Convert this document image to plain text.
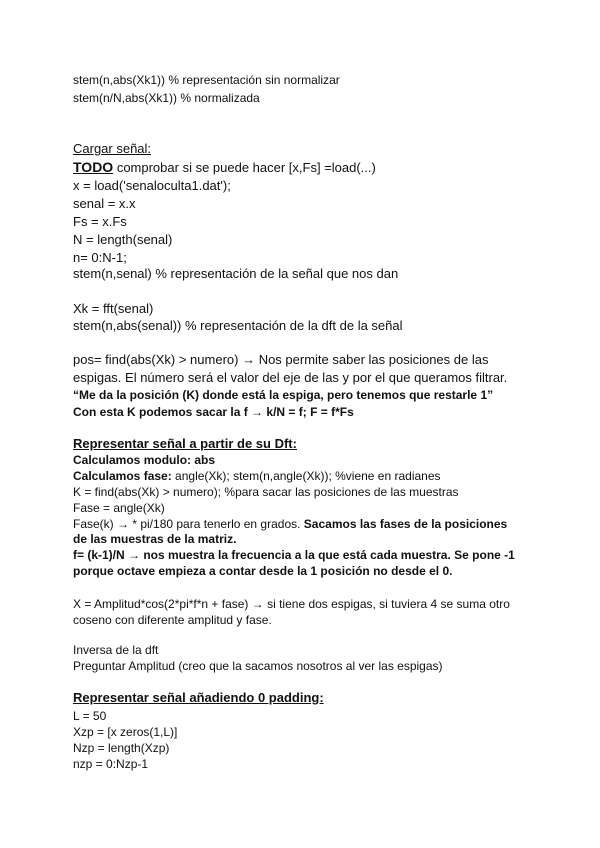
stem(n,abs(Xk1)) % representación sin normalizar
stem(n/N,abs(Xk1)) % normalizada
Cargar señal:
TODO comprobar si se puede hacer [x,Fs] =load(...)
x = load('senaloculta1.dat');
senal = x.x
Fs = x.Fs
N = length(senal)
n= 0:N-1;
stem(n,senal) % representación de la señal que nos dan
Xk = fft(senal)
stem(n,abs(senal)) % representación de la dft de la señal
pos= find(abs(Xk) > numero) → Nos permite saber las posiciones de las
espigas. El número será el valor del eje de las y por el que queramos filtrar.
“Me da la posición (K) donde está la espiga, pero tenemos que restarle 1”
Con esta K podemos sacar la f → k/N = f; F = f*Fs
Representar señal a partir de su Dft:
Calculamos modulo: abs
Calculamos fase: angle(Xk); stem(n,angle(Xk)); %viene en radianes
K = find(abs(Xk) > numero); %para sacar las posiciones de las muestras
Fase = angle(Xk)
Fase(k) → * pi/180 para tenerlo en grados. Sacamos las fases de la posiciones
de las muestras de la matriz.
f= (k-1)/N → nos muestra la frecuencia a la que está cada muestra. Se pone -1
porque octave empieza a contar desde la 1 posición no desde el 0.
X = Amplitud*cos(2*pi*f*n + fase) → si tiene dos espigas, si tuviera 4 se suma otro
coseno con diferente amplitud y fase.
Inversa de la dft
Preguntar Amplitud (creo que la sacamos nosotros al ver las espigas)
Representar señal añadiendo 0 padding:
L = 50
Xzp = [x zeros(1,L)]
Nzp = length(Xzp)
nzp = 0:Nzp-1
